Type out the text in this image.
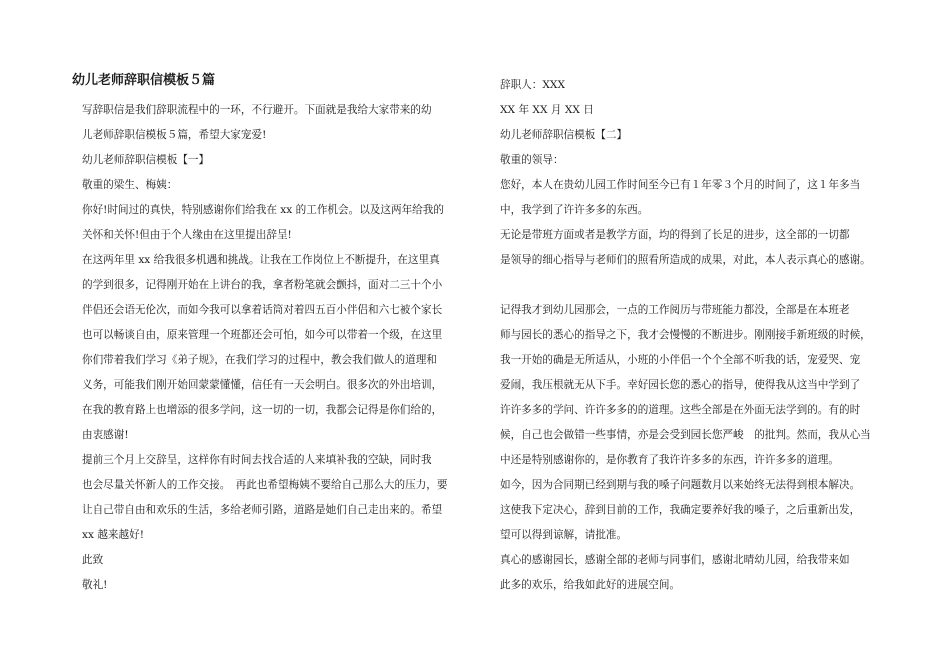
幼儿老师辞职信模板５篇

写辞职信是我们辞职流程中的一环，不行避开。下面就是我给大家带来的幼
儿老师辞职信模板５篇，希望大家宠爱!

幼儿老师辞职信模板【一】

敬重的梁生、梅姨：

你好!时间过的真快，特别感谢你们给我在 xx 的工作机会。以及这两年给我的
关怀和关怀!但由于个人缘由在这里提出辞呈!

在这两年里 xx 给我很多机遇和挑战。让我在工作岗位上不断提升，在这里真
的学到很多，记得刚开始在上讲台的我，拿者粉笔就会颤抖，面对二三十个小
伴侣还会语无伦次，而如今我可以拿着话筒对着四五百小伴侣和六七被个家长
也可以畅谈自由，原来管理一个班都还会可怕，如今可以带着一个级，在这里
你们带着我们学习《弟子规》，在我们学习的过程中，教会我们做人的道理和
义务，可能我们刚开始回蒙蒙懂懂，信任有一天会明白。很多次的外出培训，
在我的教育路上也增添的很多学问，这一切的一切，我都会记得是你们给的，
由衷感谢!

提前三个月上交辞呈，这样你有时间去找合适的人来填补我的空缺，同时我
也会尽量关怀新人的工作交接。　再此也希望梅姨不要给自己那么大的压力，要
让自己带自由和欢乐的生活，多给老师引路，道路是她们自己走出来的。希望
xx 越来越好!

此致

敬礼!

辞职人：XXX

XX 年 XX 月 XX 日

幼儿老师辞职信模板【二】

敬重的领导：

您好，本人在贵幼儿园工作时间至今已有１年零３个月的时间了，这１年多当
中，我学到了许许多多的东西。

无论是带班方面或者是教学方面，均的得到了长足的进步，这全部的一切都
是领导的细心指导与老师们的照看所造成的成果，对此，本人表示真心的感谢。

记得我才到幼儿园那会，一点的工作阅历与带班能力都没，全部是在本班老
师与园长的悉心的指导之下，我才会慢慢的不断进步。刚刚接手新班级的时候，
我一开始的确是无所适从，小班的小伴侣一个个全部不听我的话，宠爱哭、宠
爱闹，我压根就无从下手。幸好园长您的悉心的指导，使得我从这当中学到了
许许多多的学问、许许多多的的道理。这些全部是在外面无法学到的。有的时
候，自己也会做错一些事情，亦是会受到园长您严峻　的批判。然而，我从心当
中还是特别感谢你的，是你教育了我许许多多的东西，许许多多的道理。

如今，因为合同期已经到期与我的嗓子问题数月以来始终无法得到根本解决。
这使我下定决心，辞到目前的工作，我确定要养好我的嗓子，之后重新出发，
望可以得到谅解，请批准。

真心的感谢园长，感谢全部的老师与同事们，感谢北晴幼儿园，给我带来如
此多的欢乐，给我如此好的进展空间。
